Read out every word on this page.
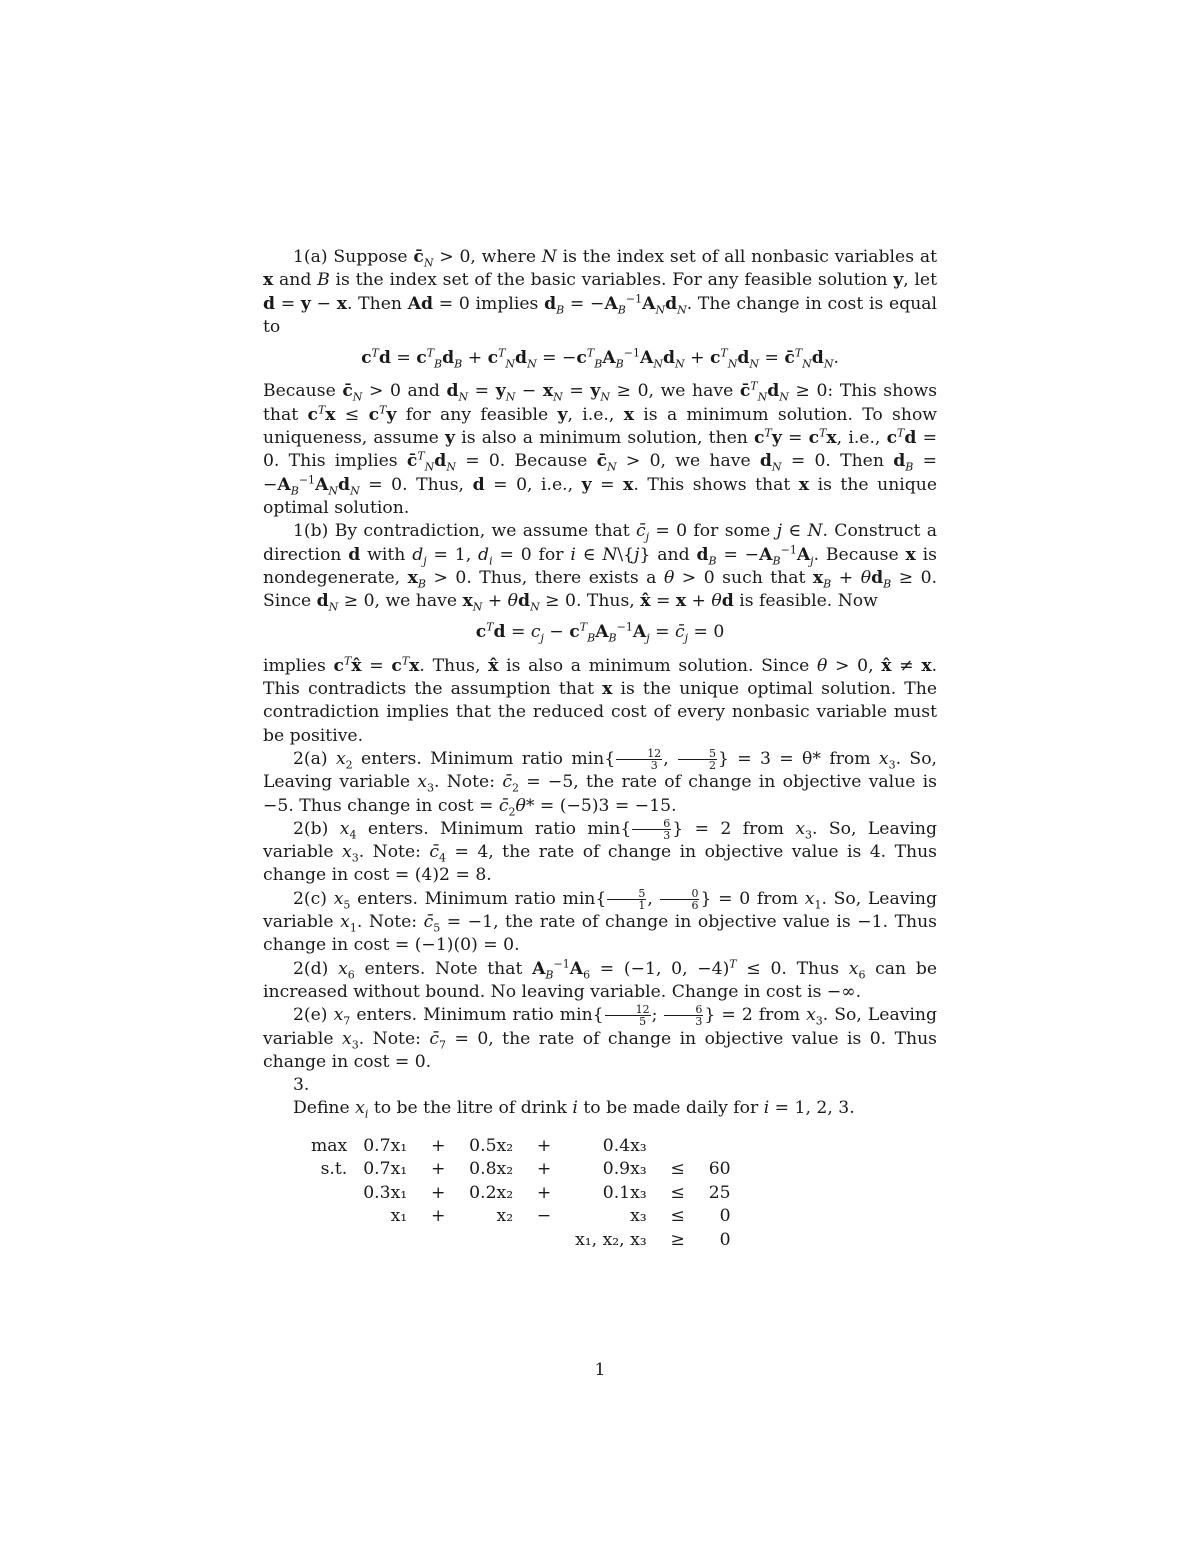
1(a) Suppose $c̄_N > 0$, where N is the index set of all nonbasic variables at x and B is the index set of the basic variables. For any feasible solution y, let d = y − x. Then Ad = 0 implies $d_B = -A_B^{-1}A_Nd_N$. The change in cost is equal to

$c^Td = c^T_Bd_B + c^T_Nd_N = -c^T_BA_B^{-1}A_Nd_N + c^T_Nd_N$ = $c̄^T_Nd_N$.

Because $c̄_N > 0$ and $d_N = y_N - x_N = y_N \ge 0$, we have $c̄^T_Nd_N \ge 0$: This shows that $c^Tx \le c^Ty$ for any feasible y, i.e., x is a minimum solution. To show uniqueness, assume y is also a minimum solution, then $c^Ty = c^Tx$, i.e., $c^Td = 0$. This implies $c̄^T_Nd_N = 0$. Because $c̄_N > 0$, we have $d_N = 0$. Then $d_B = -A_B^{-1}A_Nd_N = 0$. Thus, d = 0, i.e., y = x. This shows that x is the unique optimal solution.

1(b) By contradiction, we assume that $c̄_j = 0$ for some j ∈ N. Construct a direction d with $d_j = 1$, $d_i = 0$ for i ∈ N\{j} and $d_B = -A_B^{-1}A_j$. Because x is nondegenerate, $x_B > 0$. Thus, there exists a θ > 0 such that $x_B + \theta d_B \ge 0$. Since $d_N \ge 0$, we have $x_N + \theta d_N \ge 0$. Thus, x̂ = x + θd is feasible. Now

$c^Td = c_j - c^T_BA_B^{-1}A_j$ = $c̄_j = 0$

implies $c^Tx̂ = c^Tx$. Thus, x̂ is also a minimum solution. Since θ > 0, x̂ ≠ x. This contradicts the assumption that x is the unique optimal solution. The contradiction implies that the reduced cost of every nonbasic variable must be positive.

2(a) $x_2$ enters. Minimum ratio $\min\{ \frac{12}{3}$ , $\frac{5}{2}$ } = 3 = θ* from $x_3$. So, Leaving variable $x_3$. Note: $c̄_2 = -5$, the rate of change in objective value is −5. Thus change in $\cos t = c̄_2\theta* = (-5)3 = -15$.

2(b) $x_4$ enters. Minimum ratio $\min\{ \frac{6}{3}$ } = 2 from $x_3$. So, Leaving variable $x_3$. Note: $c̄_4 = 4$, the rate of change in objective value is 4. Thus change in cost = (4)2 = 8.

2(c) $x_5$ enters. Minimum ratio $\min\{ \frac{5}{1}$ , $\frac{0}{6}$ } = 0 from $x_1$. So, Leaving variable $x_1$. Note: $c̄_5 = -1$, the rate of change in objective value is −1. Thus change in cost = (−1)(0) = 0.

2(d) $x_6$ enters. Note that $A_B^{-1}A_6 = (-1$, 0, −4)$^T$ ≤ 0. Thus $x_6$ can be increased without bound. No leaving variable. Change in cost is −∞.

2(e) $x_7$ enters. Minimum ratio $\min\{ \frac{12}{5}$ ; $\frac{6}{3}$ } = 2 from $x_3$. So, Leaving variable $x_3$. Note: $c̄_7 = 0$, the rate of change in objective value is 0. Thus change in cost = 0.

3.

Define $x_i$ to be the litre of drink i to be made daily for i = 1, 2, 3.

max	0.7x₁	+	0.5x₂	+	0.4x₃		
s.t.	0.7x₁	+	0.8x₂	+	0.9x₃	≤	60
	0.3x₁	+	0.2x₂	+	0.1x₃	≤	25
	x₁	+	x₂	−	x₃	≤	0
					x₁, x₂, x₃	≥	0
1
